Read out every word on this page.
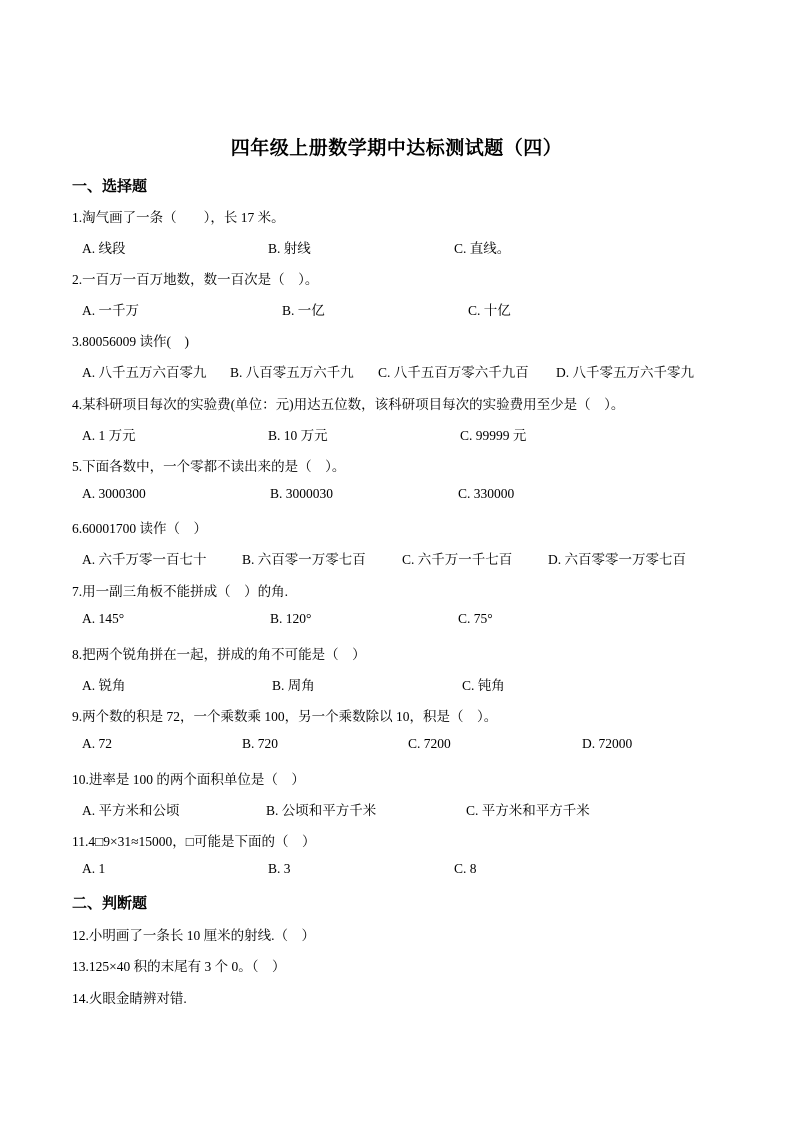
四年级上册数学期中达标测试题（四）
一、选择题
1.淘气画了一条（　　），长 17 米。
A. 线段	B. 射线	C. 直线。
2.一百万一百万地数，数一百次是（　）。
A. 一千万	B. 一亿	C. 十亿
3.80056009 读作(　)
A. 八千五万六百零九 B. 八百零五万六千九 C. 八千五百万零六千九百 D. 八千零五万六千零九
4.某科研项目每次的实验费(单位：元)用达五位数，该科研项目每次的实验费用至少是（　）。
A. 1 万元	B. 10 万元	C. 99999 元
5.下面各数中，一个零都不读出来的是（　）。
A. 3000300	B. 3000030	C. 330000
6.60001700 读作（　）
A. 六千万零一百七十	B. 六百零一万零七百	C. 六千万一千七百	D. 六百零零一万零七百
7.用一副三角板不能拼成（　）的角.
A. 145°	B. 120°	C. 75°
8.把两个锐角拼在一起，拼成的角不可能是（　）
A. 锐角	B. 周角	C. 钝角
9.两个数的积是 72，一个乘数乘 100，另一个乘数除以 10，积是（　）。
A. 72	B. 720	C. 7200	D. 72000
10.进率是 100 的两个面积单位是（　）
A. 平方米和公顷	B. 公顷和平方千米	C. 平方米和平方千米
11.4□9×31≈15000，□可能是下面的（　）
A. 1	B. 3	C. 8
二、判断题
12.小明画了一条长 10 厘米的射线.（　）
13.125×40 积的末尾有 3 个 0。（　）
14.火眼金睛辨对错.
